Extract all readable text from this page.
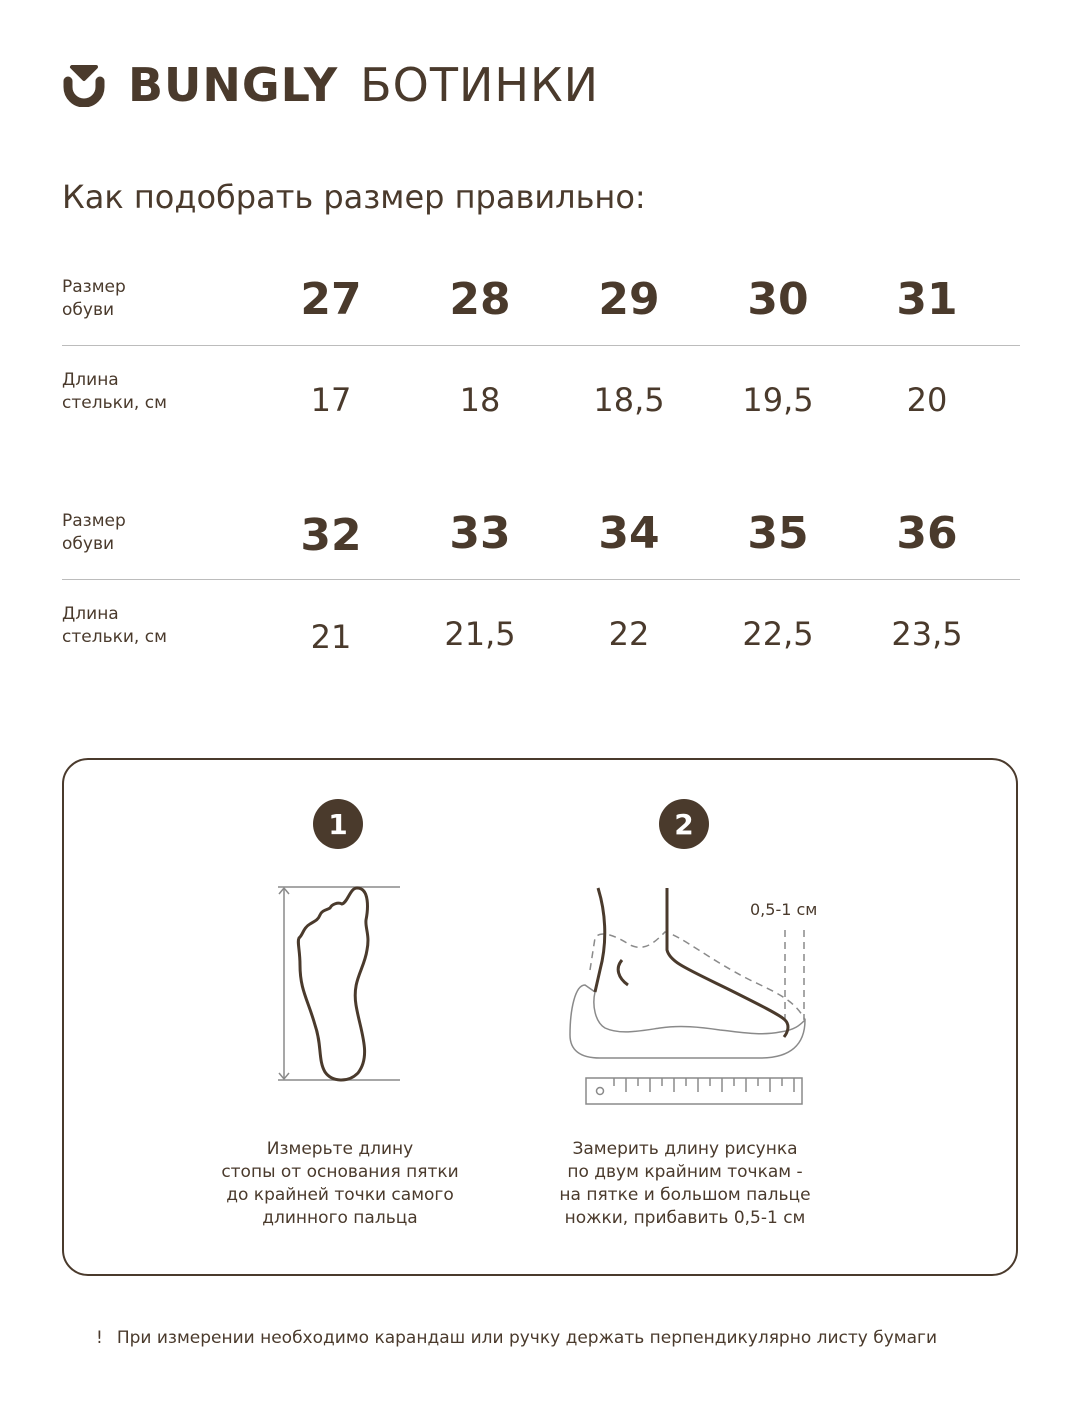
BUNGLY БОТИНКИ
Как подобрать размер правильно:
Размер
обуви	27	28	29	30	31
Длина
стельки, см	17	18	18,5	19,5	20
Размер
обуви	32	33	34	35	36
Длина
стельки, см	21	21,5	22	22,5	23,5
1
Измерьте длину
стопы от основания пятки
до крайней точки самого
длинного пальца
2
0,5-1 см
Замерить длину рисунка
по двум крайним точкам -
на пятке и большом пальце
ножки, прибавить 0,5-1 см
! При измерении необходимо карандаш или ручку держать перпендикулярно листу бумаги
